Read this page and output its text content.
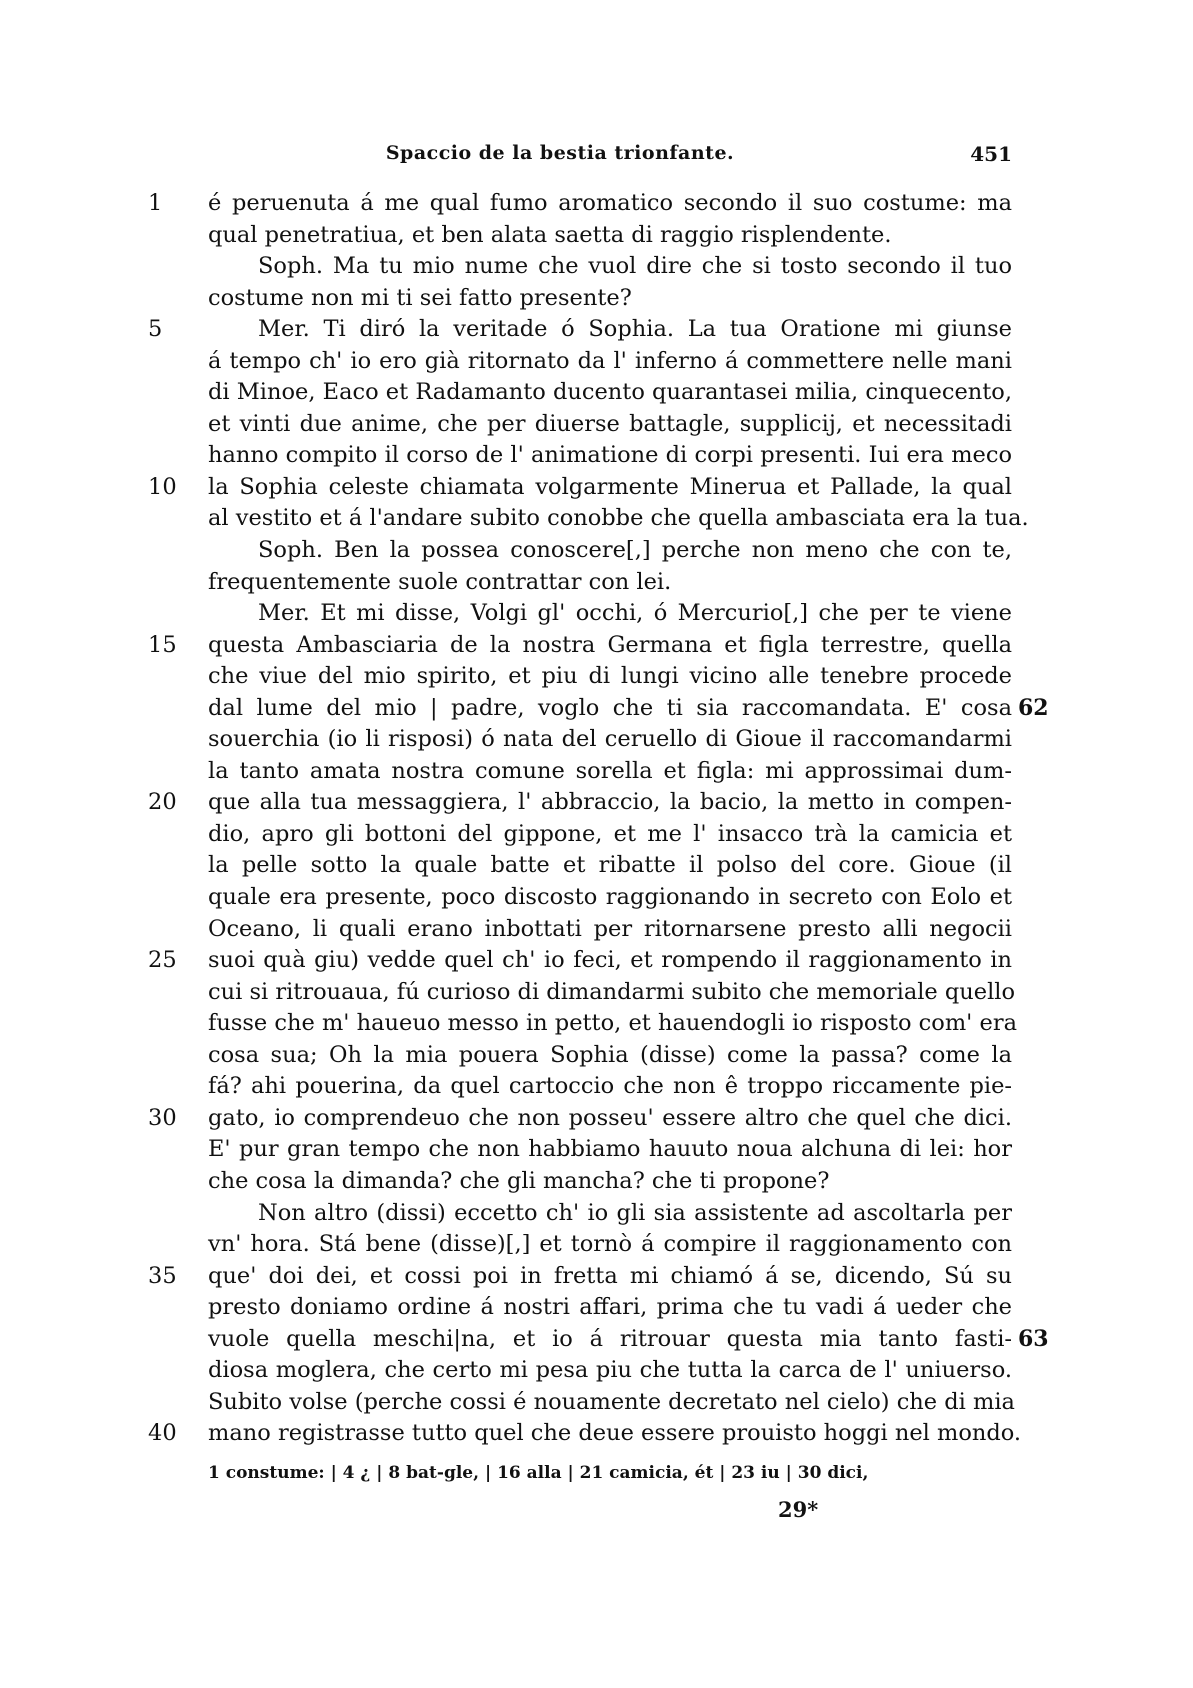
Spaccio de la bestia trionfante.	451
1	é peruenuta á me qual fumo aromatico secondo il suo costume: ma
qual penetratiua, et ben alata saetta di raggio risplendente.
Soph. Ma tu mio nume che vuol dire che si tosto secondo il tuo
costume non mi ti sei fatto presente?
5	Mer. Ti diró la veritade ó Sophia. La tua Oratione mi giunse
á tempo ch' io ero già ritornato da l' inferno á commettere nelle mani
di Minoe, Eaco et Radamanto ducento quarantasei milia, cinquecento,
et vinti due anime, che per diuerse battagle, supplicij, et necessitadi
hanno compito il corso de l' animatione di corpi presenti. Iui era meco
10	la Sophia celeste chiamata volgarmente Minerua et Pallade, la qual
al vestito et á l'andare subito conobbe che quella ambasciata era la tua.
Soph. Ben la possea conoscere[,] perche non meno che con te,
frequentemente suole contrattar con lei.
Mer. Et mi disse, Volgi gl' occhi, ó Mercurio[,] che per te viene
15	questa Ambasciaria de la nostra Germana et figla terrestre, quella
che viue del mio spirito, et piu di lungi vicino alle tenebre procede
dal lume del mio | padre, voglo che ti sia raccomandata. E' cosa 62
souerchia (io li risposi) ó nata del ceruello di Gioue il raccomandarmi
la tanto amata nostra comune sorella et figla: mi approssimai dum-
20	que alla tua messaggiera, l' abbraccio, la bacio, la metto in compen-
dio, apro gli bottoni del gippone, et me l' insacco trà la camicia et
la pelle sotto la quale batte et ribatte il polso del core. Gioue (il
quale era presente, poco discosto raggionando in secreto con Eolo et
Oceano, li quali erano inbottati per ritornarsene presto alli negocii
25	suoi quà giu) vedde quel ch' io feci, et rompendo il raggionamento in
cui si ritrouaua, fú curioso di dimandarmi subito che memoriale quello
fusse che m' haueuo messo in petto, et hauendogli io risposto com' era
cosa sua; Oh la mia pouera Sophia (disse) come la passa? come la
fá? ahi pouerina, da quel cartoccio che non ê troppo riccamente pie-
30	gato, io comprendeuo che non posseu' essere altro che quel che dici.
E' pur gran tempo che non habbiamo hauuto noua alchuna di lei: hor
che cosa la dimanda? che gli mancha? che ti propone?
Non altro (dissi) eccetto ch' io gli sia assistente ad ascoltarla per
vn' hora. Stá bene (disse)[,] et tornò á compire il raggionamento con
35	que' doi dei, et cossi poi in fretta mi chiamó á se, dicendo, Sú su
presto doniamo ordine á nostri affari, prima che tu vadi á ueder che
vuole quella meschi|na, et io á ritrouar questa mia tanto fasti- 63
diosa moglera, che certo mi pesa piu che tutta la carca de l' uniuerso.
Subito volse (perche cossi é nouamente decretato nel cielo) che di mia
40	mano registrasse tutto quel che deue essere prouisto hoggi nel mondo.
1 constume: | 4 ¿ | 8 bat-gle, | 16 alla | 21 camicia, ét | 23 iu | 30 dici,
29*
